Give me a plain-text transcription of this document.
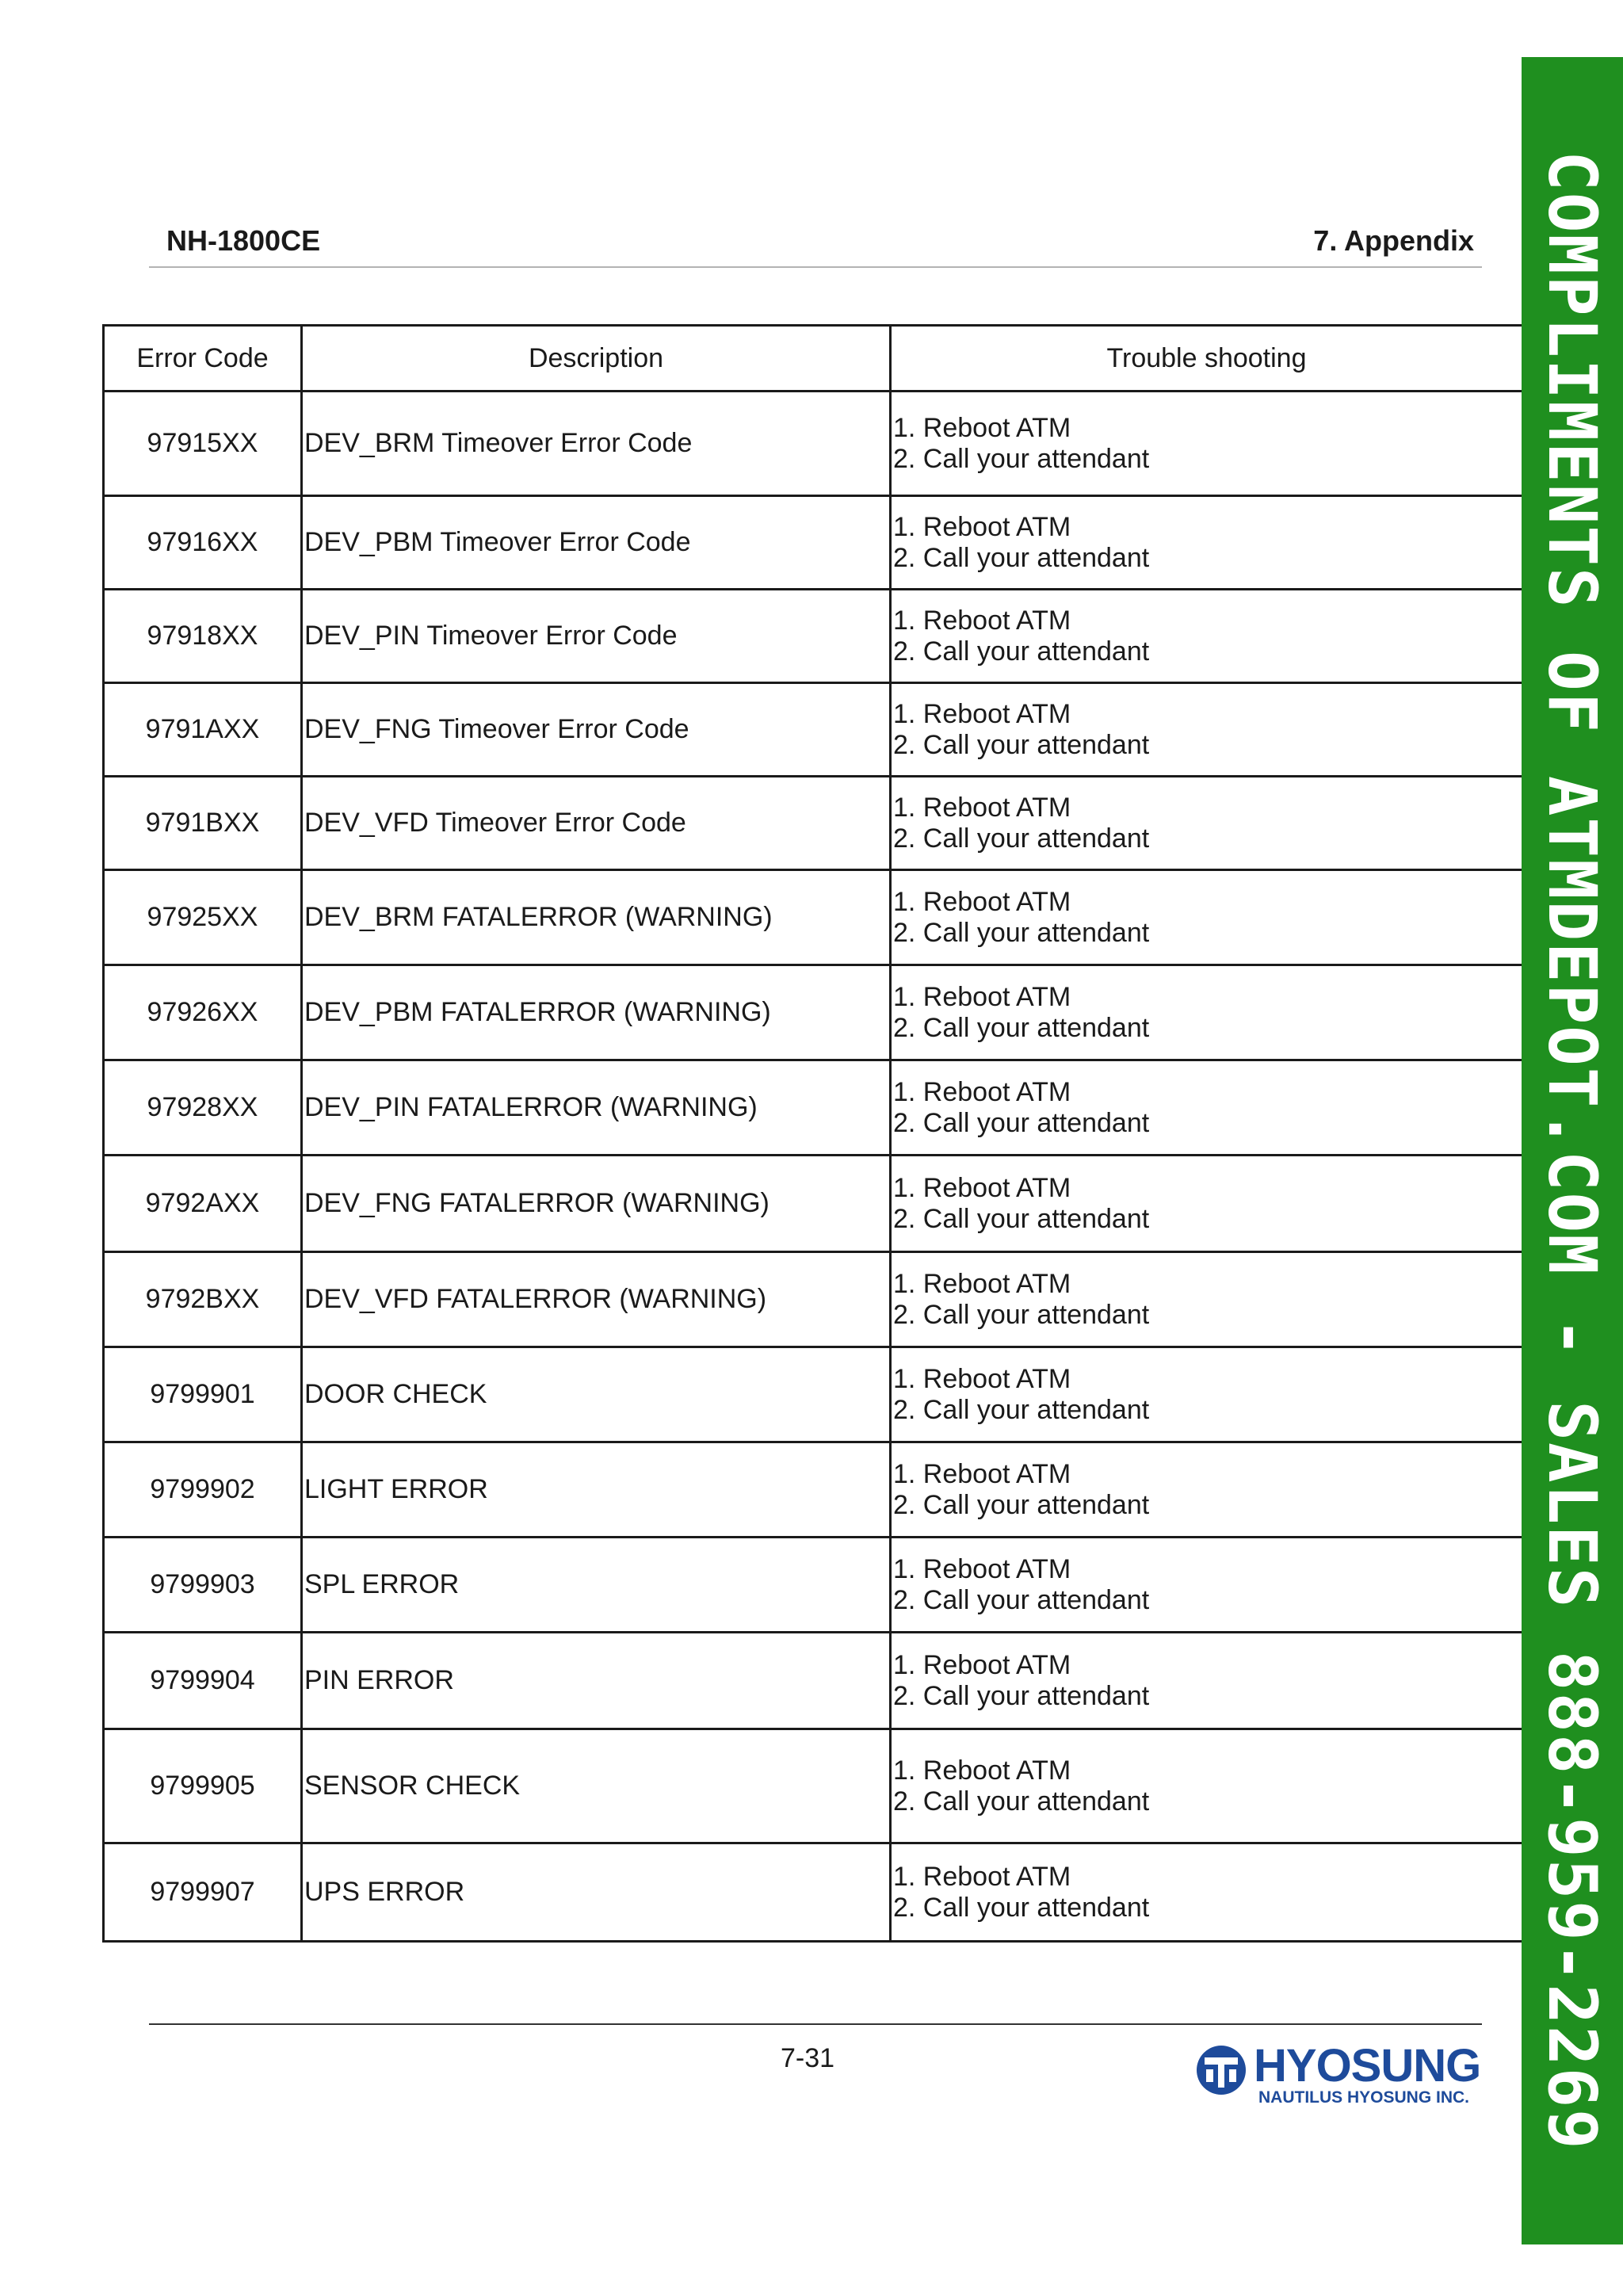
NH-1800CE	7. Appendix
Error Code	Description	Trouble shooting
97915XX	DEV_BRM Timeover Error Code	1. Reboot ATM
2. Call your attendant

97916XX	DEV_PBM Timeover Error Code	1. Reboot ATM
2. Call your attendant

97918XX	DEV_PIN Timeover Error Code	1. Reboot ATM
2. Call your attendant

9791AXX	DEV_FNG Timeover Error Code	1. Reboot ATM
2. Call your attendant

9791BXX	DEV_VFD Timeover Error Code	1. Reboot ATM
2. Call your attendant

97925XX	DEV_BRM FATALERROR (WARNING)	1. Reboot ATM
2. Call your attendant

97926XX	DEV_PBM FATALERROR (WARNING)	1. Reboot ATM
2. Call your attendant

97928XX	DEV_PIN FATALERROR (WARNING)	1. Reboot ATM
2. Call your attendant

9792AXX	DEV_FNG FATALERROR (WARNING)	1. Reboot ATM
2. Call your attendant

9792BXX	DEV_VFD FATALERROR (WARNING)	1. Reboot ATM
2. Call your attendant

9799901	DOOR CHECK	1. Reboot ATM
2. Call your attendant

9799902	LIGHT ERROR	1. Reboot ATM
2. Call your attendant

9799903	SPL ERROR	1. Reboot ATM
2. Call your attendant

9799904	PIN ERROR	1. Reboot ATM
2. Call your attendant

9799905	SENSOR CHECK	1. Reboot ATM
2. Call your attendant

9799907	UPS ERROR	1. Reboot ATM
2. Call your attendant	COMPLIMENTS OF ATMDEPOT.COM - SALES 888-959-2269
7-31	HYOSUNG
NAUTILUS HYOSUNG INC.
